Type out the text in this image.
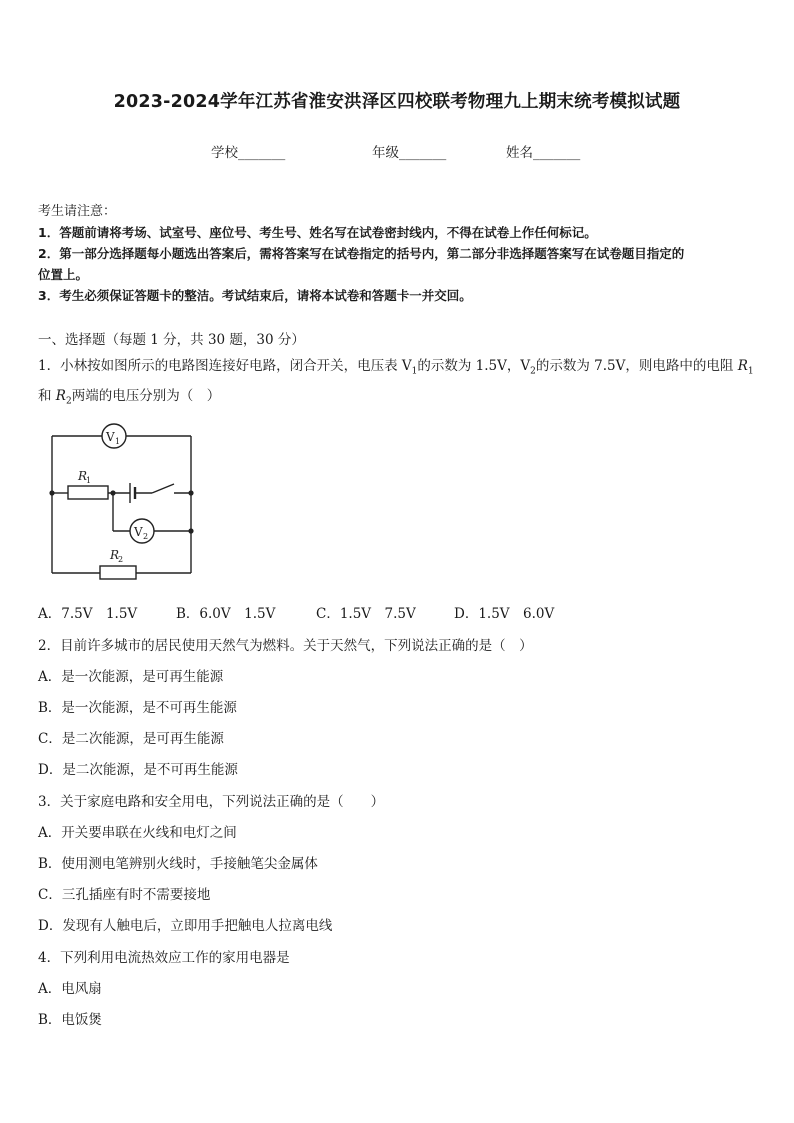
2023-2024学年江苏省淮安洪泽区四校联考物理九上期末统考模拟试题
学校_______	年级_______	姓名_______
考生请注意：
1．答题前请将考场、试室号、座位号、考生号、姓名写在试卷密封线内，不得在试卷上作任何标记。
2．第一部分选择题每小题选出答案后，需将答案写在试卷指定的括号内，第二部分非选择题答案写在试卷题目指定的
位置上。
3．考生必须保证答题卡的整洁。考试结束后，请将本试卷和答题卡一并交回。
一、选择题（每题 1 分，共 30 题，30 分）
1．小林按如图所示的电路图连接好电路，闭合开关，电压表 $V_1$的示数为 1.5V，$V_2$的示数为 7.5V，则电路中的电阻 $R_1$
和 $R_2$两端的电压分别为（　）
V 1
V 2
R
1
R
2
A．7.5V　1.5V	B．6.0V　1.5V	C．1.5V　7.5V	D．1.5V　6.0V
2．目前许多城市的居民使用天然气为燃料。关于天然气，下列说法正确的是（　）
A．是一次能源，是可再生能源
B．是一次能源，是不可再生能源
C．是二次能源，是可再生能源
D．是二次能源，是不可再生能源
3．关于家庭电路和安全用电，下列说法正确的是（　　）
A．开关要串联在火线和电灯之间
B．使用测电笔辨别火线时，手接触笔尖金属体
C．三孔插座有时不需要接地
D．发现有人触电后，立即用手把触电人拉离电线
4．下列利用电流热效应工作的家用电器是
A．电风扇
B．电饭煲
